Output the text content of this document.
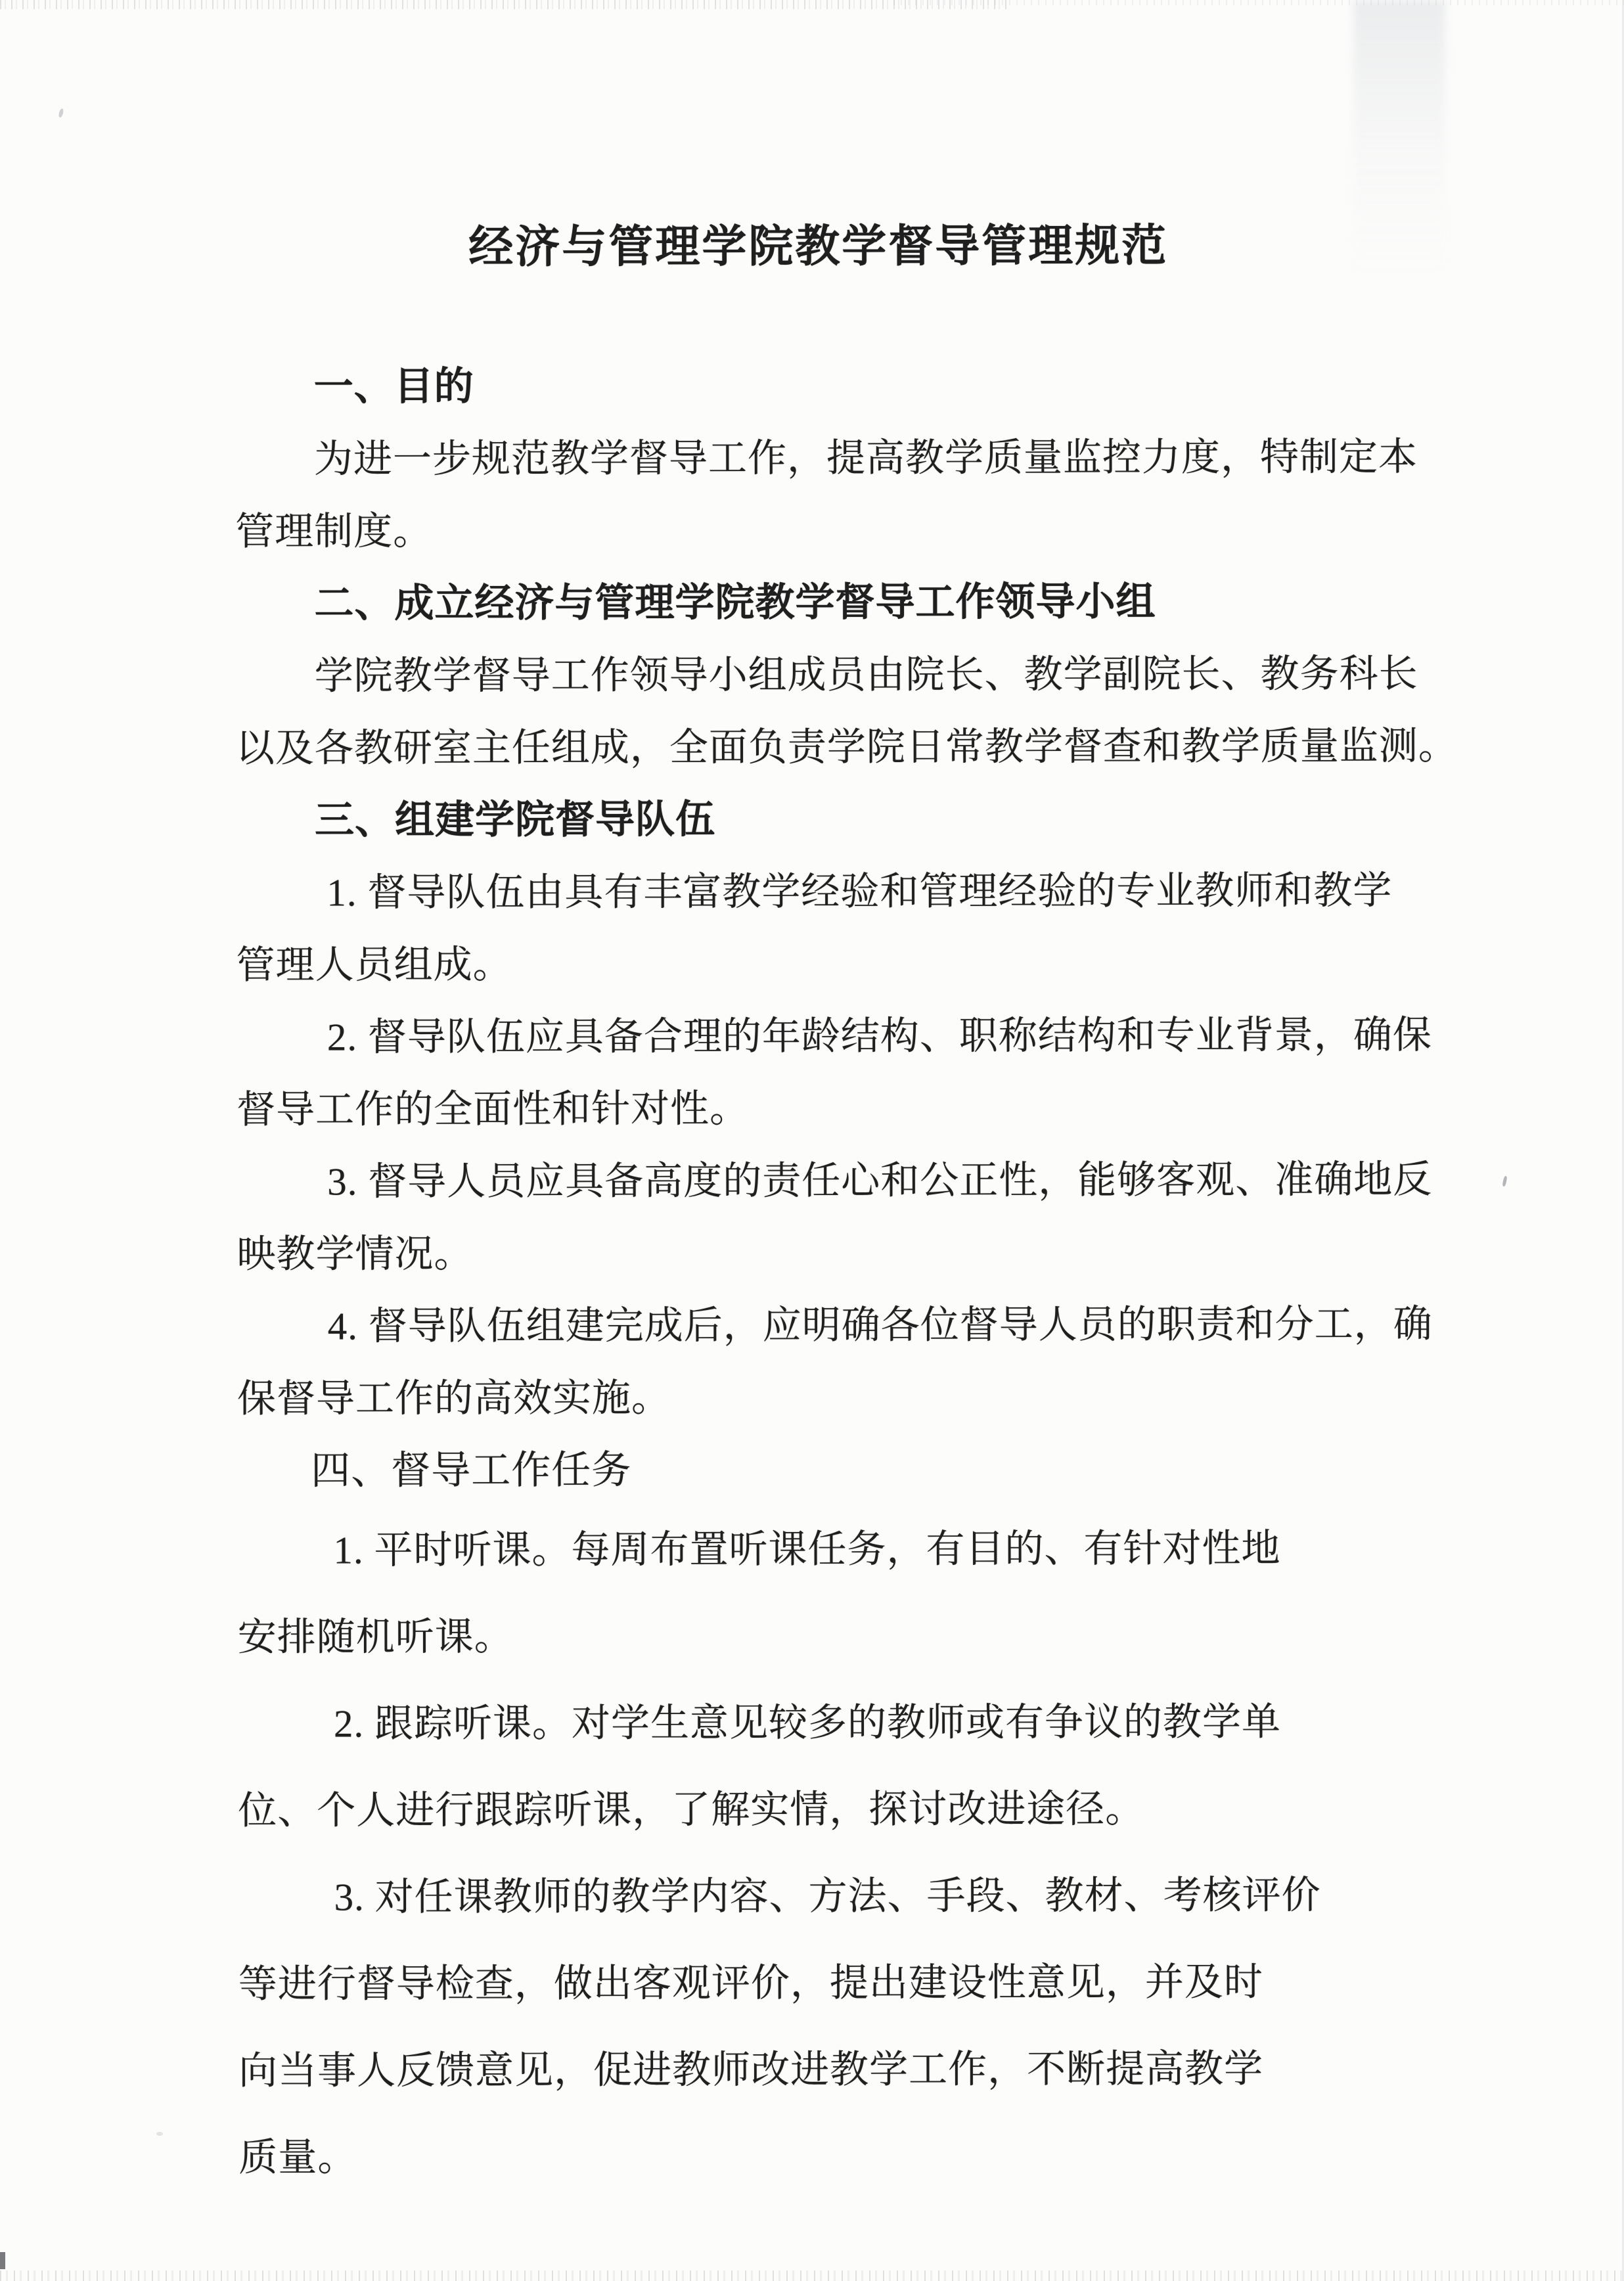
经济与管理学院教学督导管理规范
一、目的
为进一步规范教学督导工作，提高教学质量监控力度，特制定本
管理制度。
二、成立经济与管理学院教学督导工作领导小组
学院教学督导工作领导小组成员由院长、教学副院长、教务科长
以及各教研室主任组成，全面负责学院日常教学督查和教学质量监测。
三、组建学院督导队伍
1. 督导队伍由具有丰富教学经验和管理经验的专业教师和教学
管理人员组成。
2. 督导队伍应具备合理的年龄结构、职称结构和专业背景，确保
督导工作的全面性和针对性。
3. 督导人员应具备高度的责任心和公正性，能够客观、准确地反
映教学情况。
4. 督导队伍组建完成后，应明确各位督导人员的职责和分工，确
保督导工作的高效实施。
四、督导工作任务
1. 平时听课。每周布置听课任务，有目的、有针对性地
安排随机听课。
2. 跟踪听课。对学生意见较多的教师或有争议的教学单
位、个人进行跟踪听课，了解实情，探讨改进途径。
3. 对任课教师的教学内容、方法、手段、教材、考核评价
等进行督导检查，做出客观评价，提出建设性意见，并及时
向当事人反馈意见，促进教师改进教学工作，不断提高教学
质量。
